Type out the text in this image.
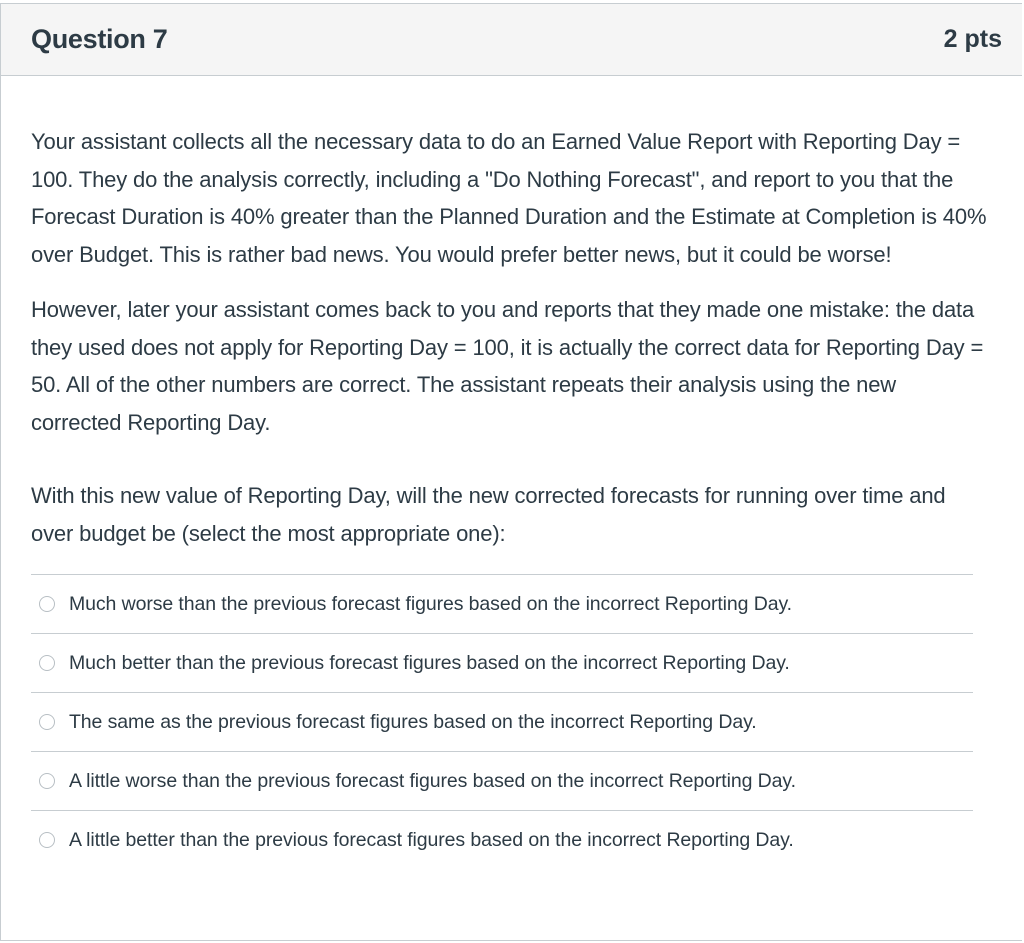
Question 7	2 pts

Your assistant collects all the necessary data to do an Earned Value Report with Reporting Day = 100. They do the analysis correctly, including a "Do Nothing Forecast", and report to you that the Forecast Duration is 40% greater than the Planned Duration and the Estimate at Completion is 40% over Budget. This is rather bad news. You would prefer better news, but it could be worse!

However, later your assistant comes back to you and reports that they made one mistake: the data they used does not apply for Reporting Day = 100, it is actually the correct data for Reporting Day = 50. All of the other numbers are correct. The assistant repeats their analysis using the new corrected Reporting Day.

With this new value of Reporting Day, will the new corrected forecasts for running over time and over budget be (select the most appropriate one):

Much worse than the previous forecast figures based on the incorrect Reporting Day.
Much better than the previous forecast figures based on the incorrect Reporting Day.
The same as the previous forecast figures based on the incorrect Reporting Day.
A little worse than the previous forecast figures based on the incorrect Reporting Day.
A little better than the previous forecast figures based on the incorrect Reporting Day.
